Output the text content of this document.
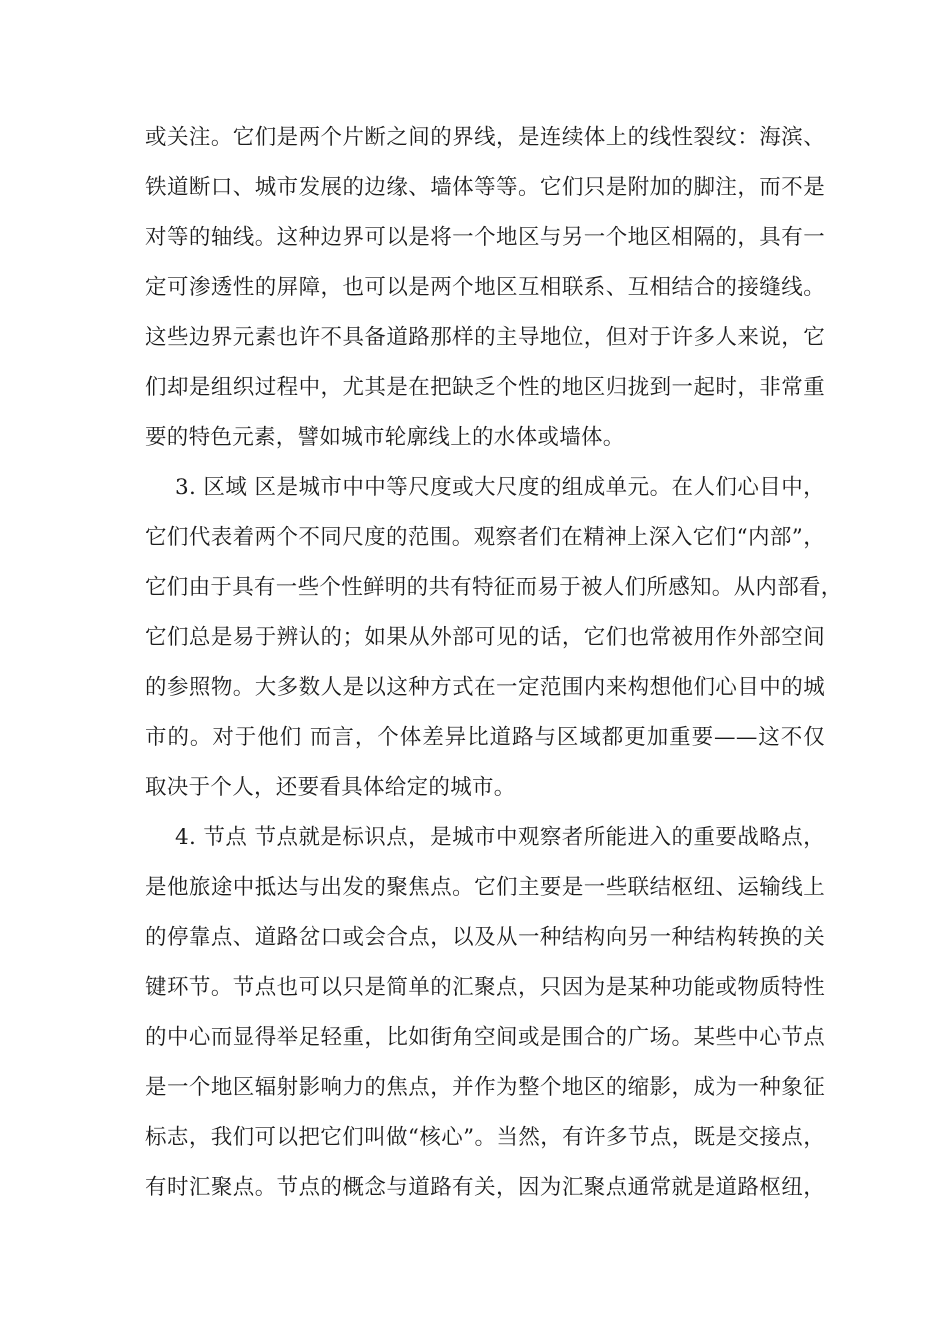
或关注。它们是两个片断之间的界线，是连续体上的线性裂纹：海滨、
铁道断口、城市发展的边缘、墙体等等。它们只是附加的脚注，而不是
对等的轴线。这种边界可以是将一个地区与另一个地区相隔的，具有一
定可渗透性的屏障，也可以是两个地区互相联系、互相结合的接缝线。
这些边界元素也许不具备道路那样的主导地位，但对于许多人来说，它
们却是组织过程中，尤其是在把缺乏个性的地区归拢到一起时，非常重
要的特色元素，譬如城市轮廓线上的水体或墙体。
3. 区域 区是城市中中等尺度或大尺度的组成单元。在人们心目中，
它们代表着两个不同尺度的范围。观察者们在精神上深入它们“内部”，
它们由于具有一些个性鲜明的共有特征而易于被人们所感知。从内部看，
它们总是易于辨认的；如果从外部可见的话，它们也常被用作外部空间
的参照物。大多数人是以这种方式在一定范围内来构想他们心目中的城
市的。对于他们 而言，个体差异比道路与区域都更加重要——这不仅
取决于个人，还要看具体给定的城市。
4. 节点 节点就是标识点，是城市中观察者所能进入的重要战略点，
是他旅途中抵达与出发的聚焦点。它们主要是一些联结枢纽、运输线上
的停靠点、道路岔口或会合点，以及从一种结构向另一种结构转换的关
键环节。节点也可以只是简单的汇聚点，只因为是某种功能或物质特性
的中心而显得举足轻重，比如街角空间或是围合的广场。某些中心节点
是一个地区辐射影响力的焦点，并作为整个地区的缩影，成为一种象征
标志，我们可以把它们叫做“核心”。当然，有许多节点，既是交接点，
有时汇聚点。节点的概念与道路有关，因为汇聚点通常就是道路枢纽，
